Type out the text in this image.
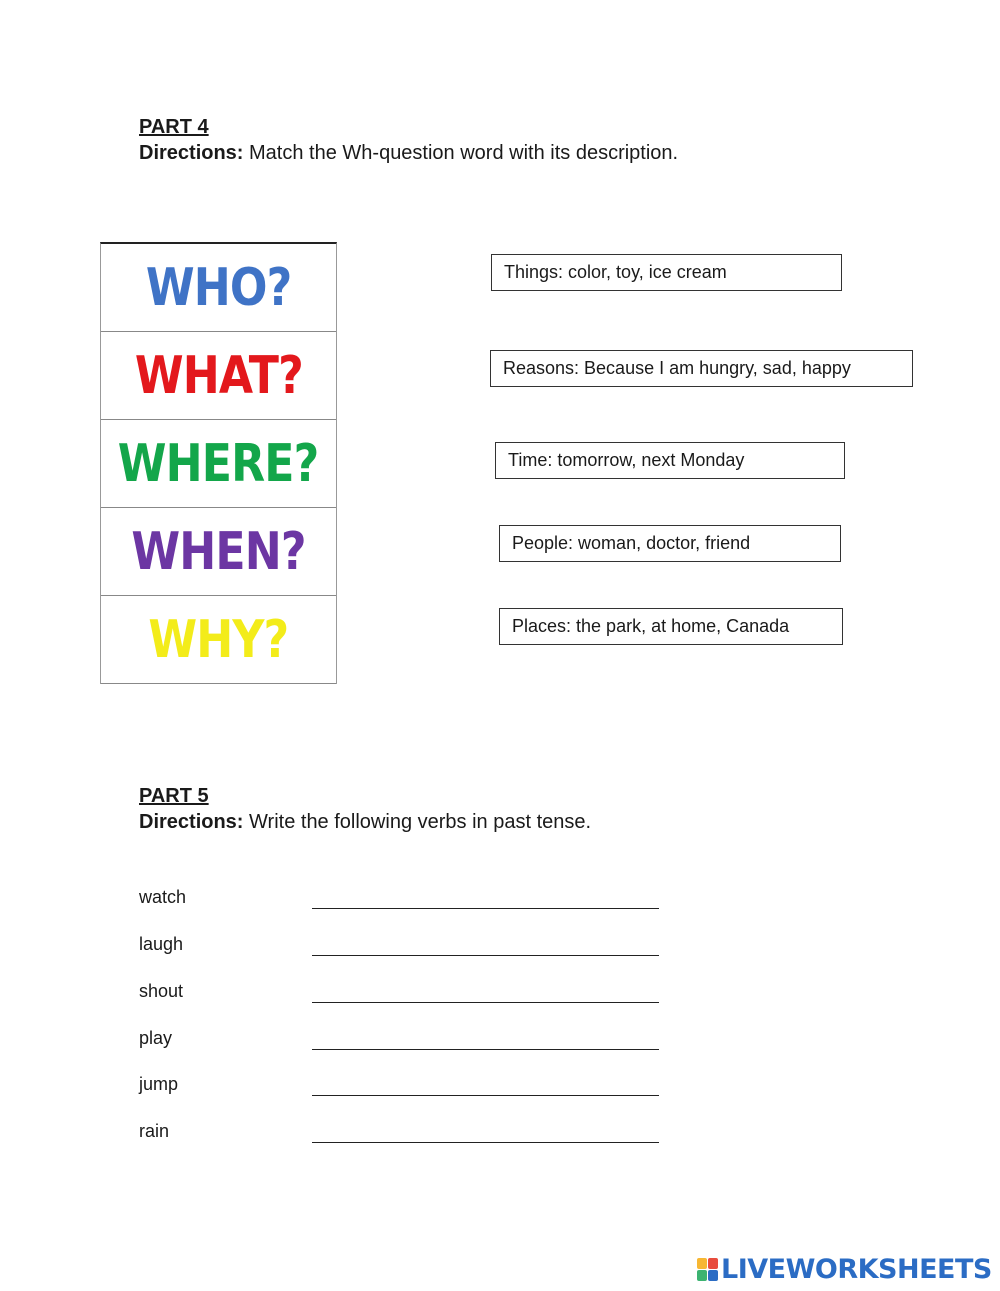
PART 4
Directions: Match the Wh-question word with its description.
WHO?
WHAT?
WHERE?
WHEN?
WHY?
Things: color, toy, ice cream
Reasons: Because I am hungry, sad, happy
Time: tomorrow, next Monday
People: woman, doctor, friend
Places: the park, at home, Canada
PART 5
Directions: Write the following verbs in past tense.
watch
laugh
shout
play
jump
rain
LIVEWORKSHEETS
